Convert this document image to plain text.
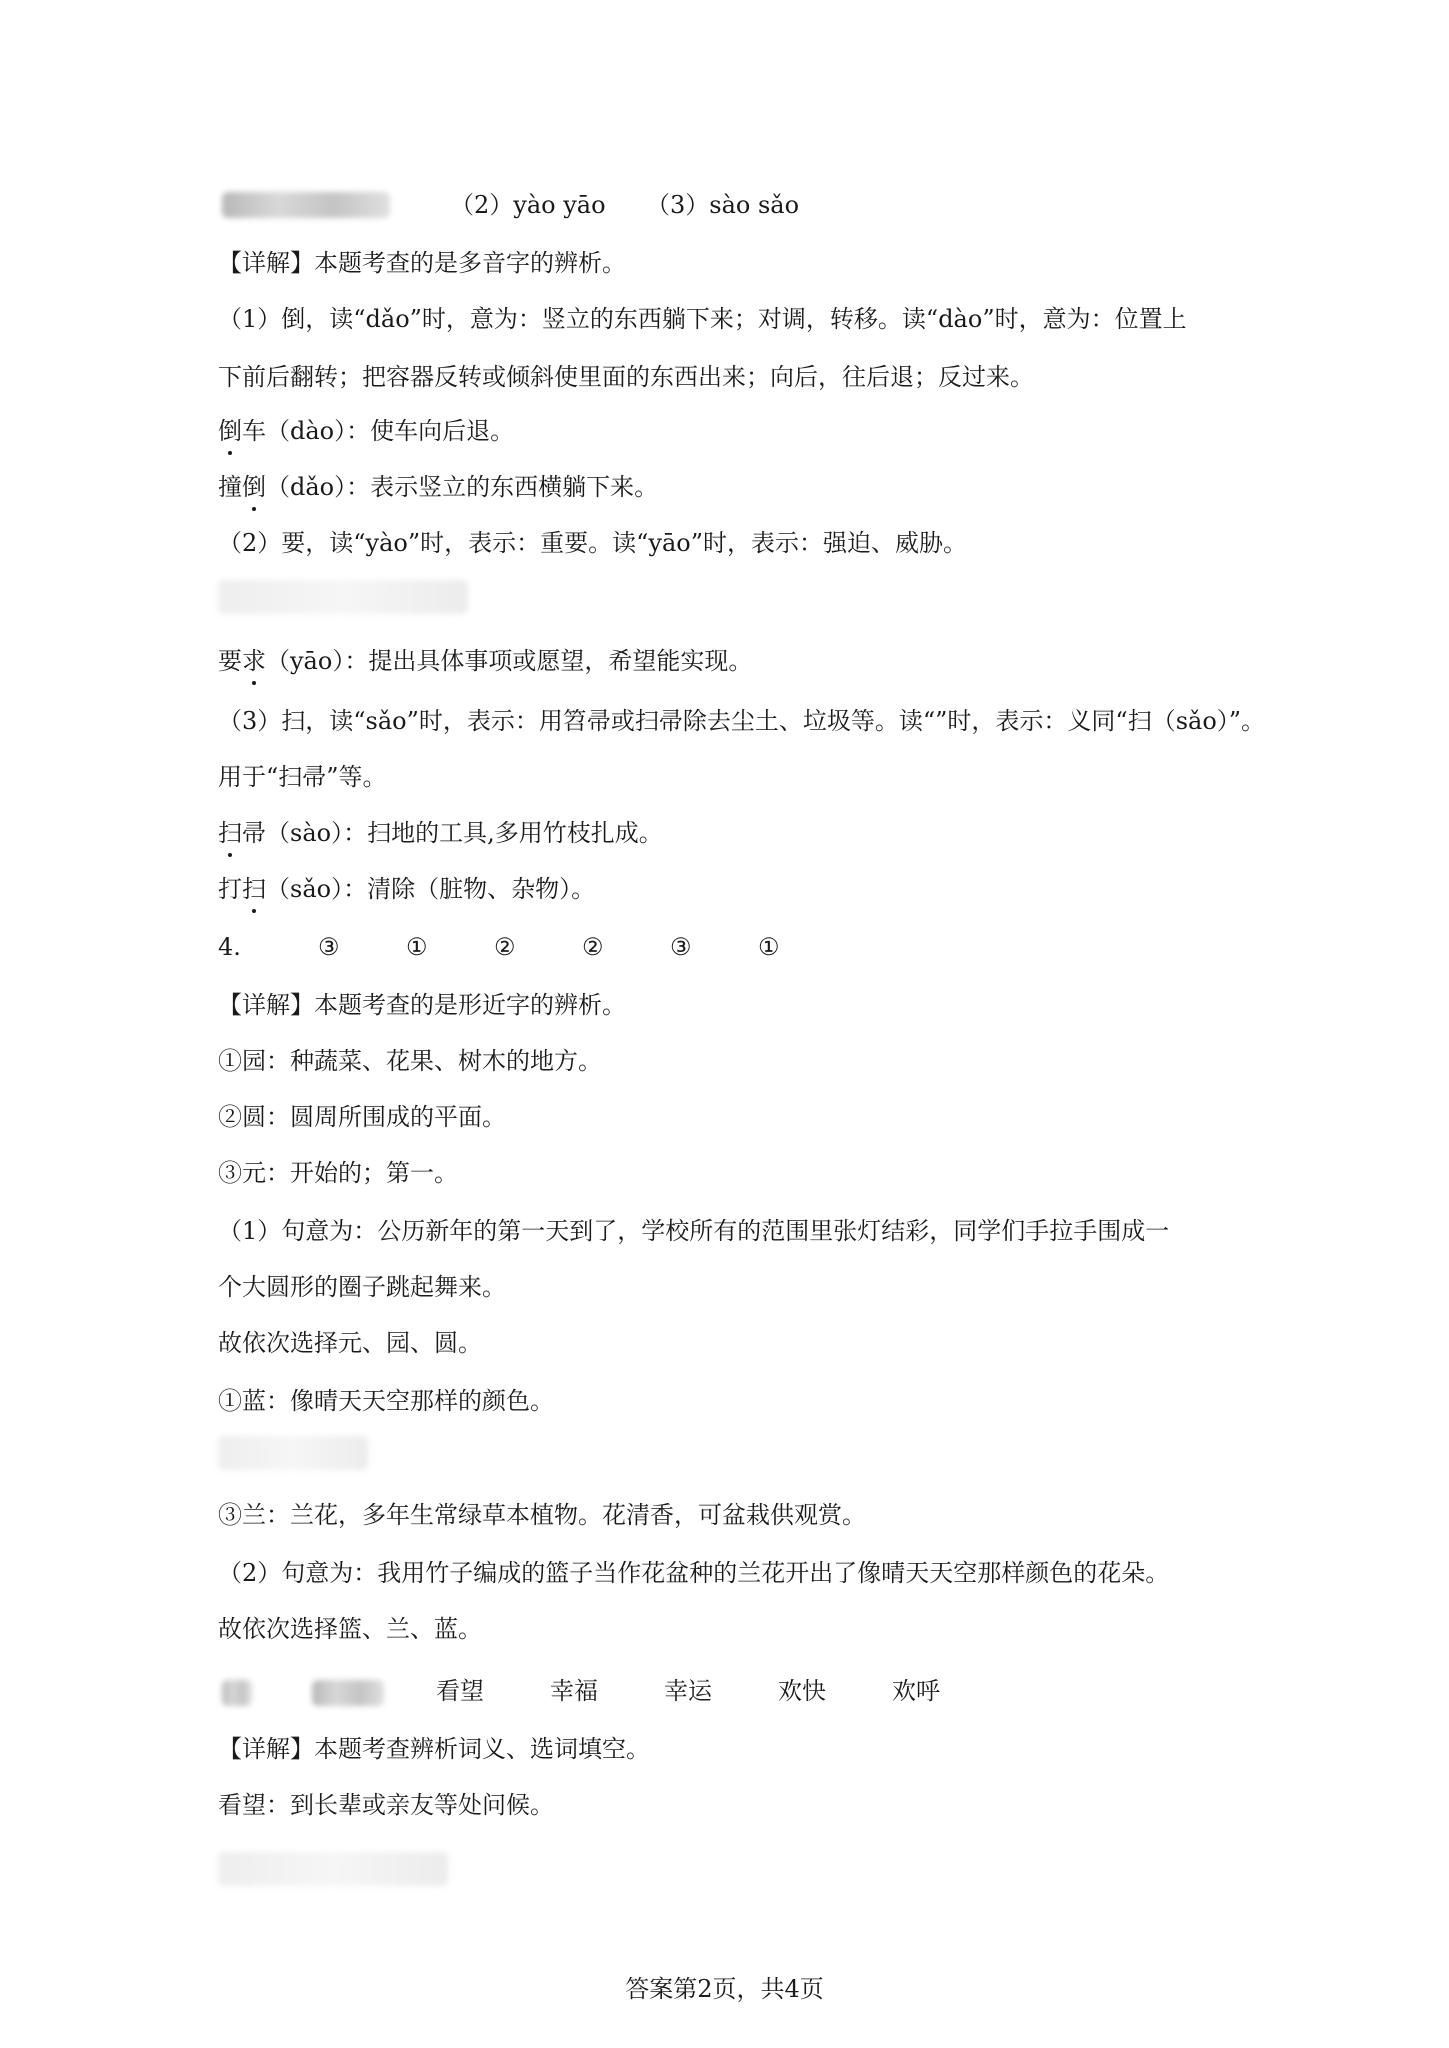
（2）yào yāo （3）sào sǎo
【详解】本题考查的是多音字的辨析。
（1）倒，读“dǎo”时，意为：竖立的东西躺下来；对调，转移。读“dào”时，意为：位置上
下前后翻转；把容器反转或倾斜使里面的东西出来；向后，往后退；反过来。
倒车（dào）：使车向后退。
撞倒（dǎo）：表示竖立的东西横躺下来。
（2）要，读“yào”时，表示：重要。读“yāo”时，表示：强迫、威胁。
要求（yāo）：提出具体事项或愿望，希望能实现。
（3）扫，读“sǎo”时，表示：用笤帚或扫帚除去尘土、垃圾等。读“”时，表示：义同“扫（sǎo）”。
用于“扫帚”等。
扫帚（sào）：扫地的工具,多用竹枝扎成。
打扫（sǎo）：清除（脏物、杂物）。
4.	③	①	②	②	③	①
【详解】本题考查的是形近字的辨析。
①园：种蔬菜、花果、树木的地方。
②圆：圆周所围成的平面。
③元：开始的；第一。
（1）句意为：公历新年的第一天到了，学校所有的范围里张灯结彩，同学们手拉手围成一
个大圆形的圈子跳起舞来。
故依次选择元、园、圆。
①蓝：像晴天天空那样的颜色。
③兰：兰花，多年生常绿草本植物。花清香，可盆栽供观赏。
（2）句意为：我用竹子编成的篮子当作花盆种的兰花开出了像晴天天空那样颜色的花朵。
故依次选择篮、兰、蓝。
看望	幸福	幸运	欢快	欢呼
【详解】本题考查辨析词义、选词填空。
看望：到长辈或亲友等处问候。
答案第2页，共4页
